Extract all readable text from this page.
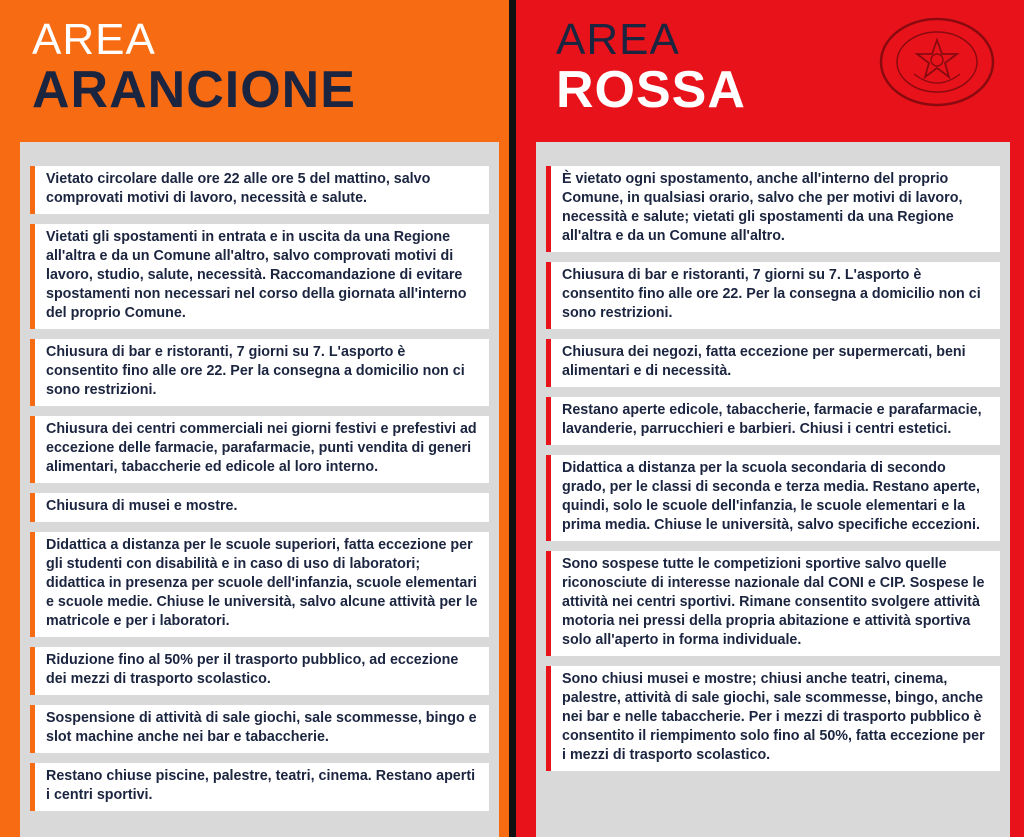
AREA
ARANCIONE
Vietato circolare dalle ore 22 alle ore 5 del mattino, salvo comprovati motivi di lavoro, necessità e salute.
Vietati gli spostamenti in entrata e in uscita da una Regione all'altra e da un Comune all'altro, salvo comprovati motivi di lavoro, studio, salute, necessità. Raccomandazione di evitare spostamenti non necessari nel corso della giornata all'interno del proprio Comune.
Chiusura di bar e ristoranti, 7 giorni su 7. L'asporto è consentito fino alle ore 22. Per la consegna a domicilio non ci sono restrizioni.
Chiusura dei centri commerciali nei giorni festivi e prefestivi ad eccezione delle farmacie, parafarmacie, punti vendita di generi alimentari, tabaccherie ed edicole al loro interno.
Chiusura di musei e mostre.
Didattica a distanza per le scuole superiori, fatta eccezione per gli studenti con disabilità e in caso di uso di laboratori; didattica in presenza per scuole dell'infanzia, scuole elementari e scuole medie. Chiuse le università, salvo alcune attività per le matricole e per i laboratori.
Riduzione fino al 50% per il trasporto pubblico, ad eccezione dei mezzi di trasporto scolastico.
Sospensione di attività di sale giochi, sale scommesse, bingo e slot machine anche nei bar e tabaccherie.
Restano chiuse piscine, palestre, teatri, cinema. Restano aperti i centri sportivi.
AREA
ROSSA
È vietato ogni spostamento, anche all'interno del proprio Comune, in qualsiasi orario, salvo che per motivi di lavoro, necessità e salute; vietati gli spostamenti da una Regione all'altra e da un Comune all'altro.
Chiusura di bar e ristoranti, 7 giorni su 7. L'asporto è consentito fino alle ore 22. Per la consegna a domicilio non ci sono restrizioni.
Chiusura dei negozi, fatta eccezione per supermercati, beni alimentari e di necessità.
Restano aperte edicole, tabaccherie, farmacie e parafarmacie, lavanderie, parrucchieri e barbieri. Chiusi i centri estetici.
Didattica a distanza per la scuola secondaria di secondo grado, per le classi di seconda e terza media. Restano aperte, quindi, solo le scuole dell'infanzia, le scuole elementari e la prima media. Chiuse le università, salvo specifiche eccezioni.
Sono sospese tutte le competizioni sportive salvo quelle riconosciute di interesse nazionale dal CONI e CIP. Sospese le attività nei centri sportivi. Rimane consentito svolgere attività motoria nei pressi della propria abitazione e attività sportiva solo all'aperto in forma individuale.
Sono chiusi musei e mostre; chiusi anche teatri, cinema, palestre, attività di sale giochi, sale scommesse, bingo, anche nei bar e nelle tabaccherie. Per i mezzi di trasporto pubblico è consentito il riempimento solo fino al 50%, fatta eccezione per i mezzi di trasporto scolastico.
